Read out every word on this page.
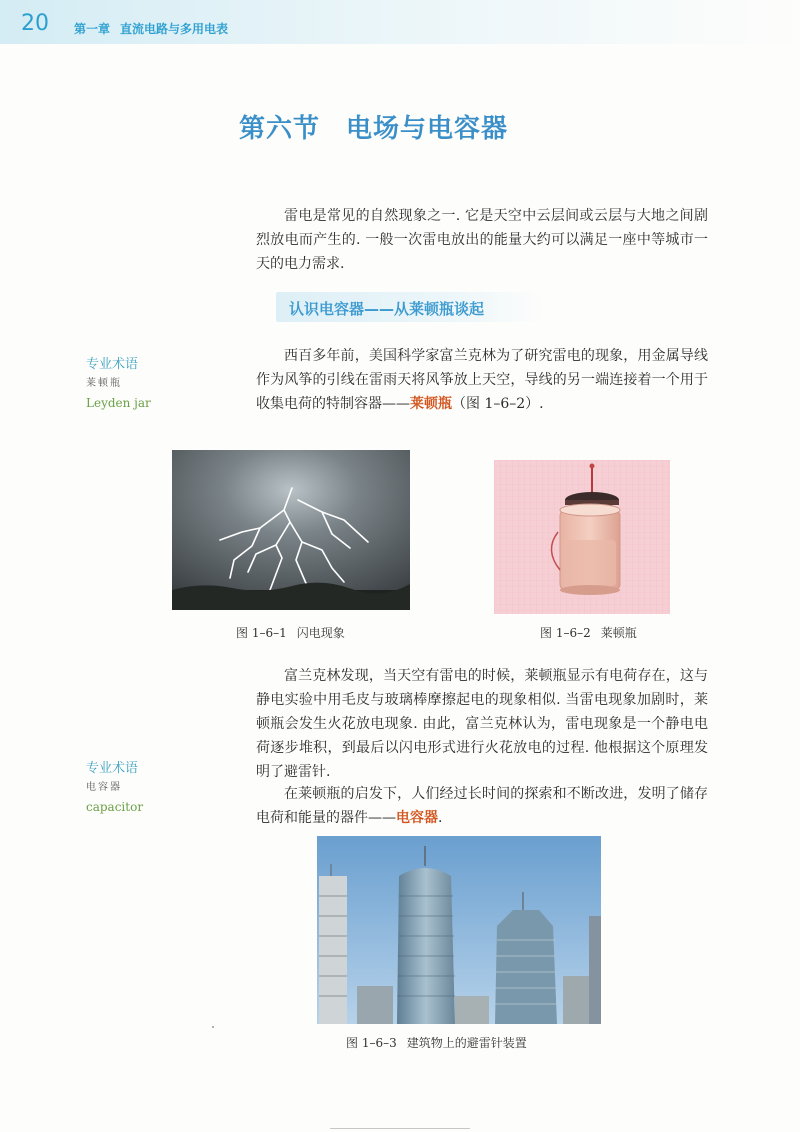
20 第一章 直流电路与多用电表
第六节 电场与电容器

雷电是常见的自然现象之一. 它是天空中云层间或云层与大地之间剧烈放电而产生的. 一般一次雷电放出的能量大约可以满足一座中等城市一天的电力需求.

认识电容器——从莱顿瓶谈起
专业术语
莱顿瓶
Leyden jar

西百多年前，美国科学家富兰克林为了研究雷电的现象，用金属导线作为风筝的引线在雷雨天将风筝放上天空，导线的另一端连接着一个用于收集电荷的特制容器——莱顿瓶（图 1–6–2）.

图 1–6–1 闪电现象	图 1–6–2 莱顿瓶

富兰克林发现，当天空有雷电的时候，莱顿瓶显示有电荷存在，这与静电实验中用毛皮与玻璃棒摩擦起电的现象相似. 当雷电现象加剧时，莱顿瓶会发生火花放电现象. 由此，富兰克林认为，雷电现象是一个静电电荷逐步堆积，到最后以闪电形式进行火花放电的过程. 他根据这个原理发明了避雷针.

专业术语
电容器
capacitor

在莱顿瓶的启发下，人们经过长时间的探索和不断改进，发明了储存电荷和能量的器件——电容器.

图 1–6–3 建筑物上的避雷针装置
